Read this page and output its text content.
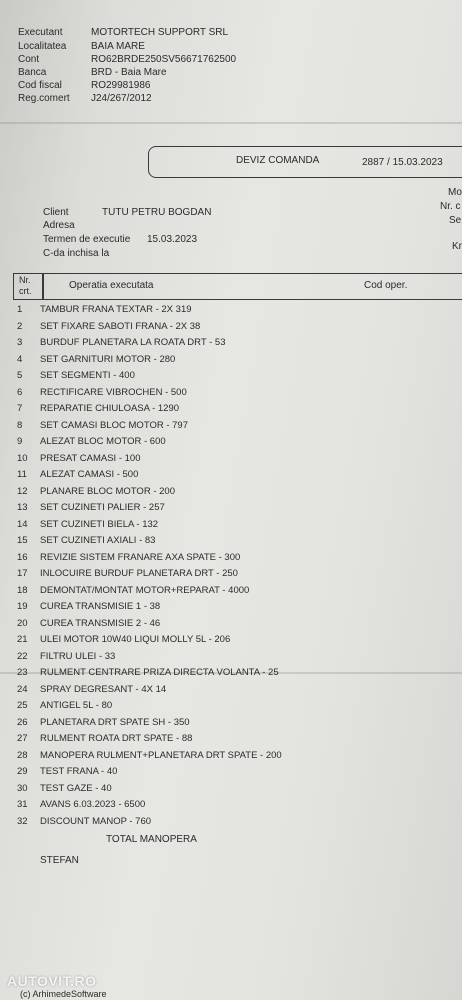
Executant	MOTORTECH SUPPORT SRL
Localitatea BAIA MARE
Cont	RO62BRDE250SV56671762500
Banca	BRD - Baia Mare
Cod fiscal	RO29981986
Reg.comert J24/267/2012
DEVIZ COMANDA	2887 / 15.03.2023
Mo
Nr. c
Se
Kr
Client	TUTU PETRU BOGDAN
Adresa
Termen de executie 15.03.2023
C-da inchisa la
Nr.
crt.	Operatia executata	Cod oper.
1	TAMBUR FRANA TEXTAR - 2X 319
2	SET FIXARE SABOTI FRANA - 2X 38
3	BURDUF PLANETARA LA ROATA DRT - 53
4	SET GARNITURI MOTOR - 280
5	SET SEGMENTI - 400
6	RECTIFICARE VIBROCHEN - 500
7	REPARATIE CHIULOASA - 1290
8	SET CAMASI BLOC MOTOR - 797
9	ALEZAT BLOC MOTOR - 600
10	PRESAT CAMASI - 100
11	ALEZAT CAMASI - 500
12	PLANARE BLOC MOTOR - 200
13	SET CUZINETI PALIER - 257
14	SET CUZINETI BIELA - 132
15	SET CUZINETI AXIALI - 83
16	REVIZIE SISTEM FRANARE AXA SPATE - 300
17	INLOCUIRE BURDUF PLANETARA DRT - 250
18	DEMONTAT/MONTAT MOTOR+REPARAT - 4000
19	CUREA TRANSMISIE 1 - 38
20	CUREA TRANSMISIE 2 - 46
21	ULEI MOTOR 10W40 LIQUI MOLLY 5L - 206
22	FILTRU ULEI - 33
23	RULMENT CENTRARE PRIZA DIRECTA VOLANTA - 25
24	SPRAY DEGRESANT - 4X 14
25	ANTIGEL 5L - 80
26	PLANETARA DRT SPATE SH - 350
27	RULMENT ROATA DRT SPATE - 88
28	MANOPERA RULMENT+PLANETARA DRT SPATE - 200
29	TEST FRANA - 40
30	TEST GAZE - 40
31	AVANS 6.03.2023 - 6500
32	DISCOUNT MANOP - 760
TOTAL MANOPERA
STEFAN
(c) ArhimedeSoftware
AUTOVIT.RO
